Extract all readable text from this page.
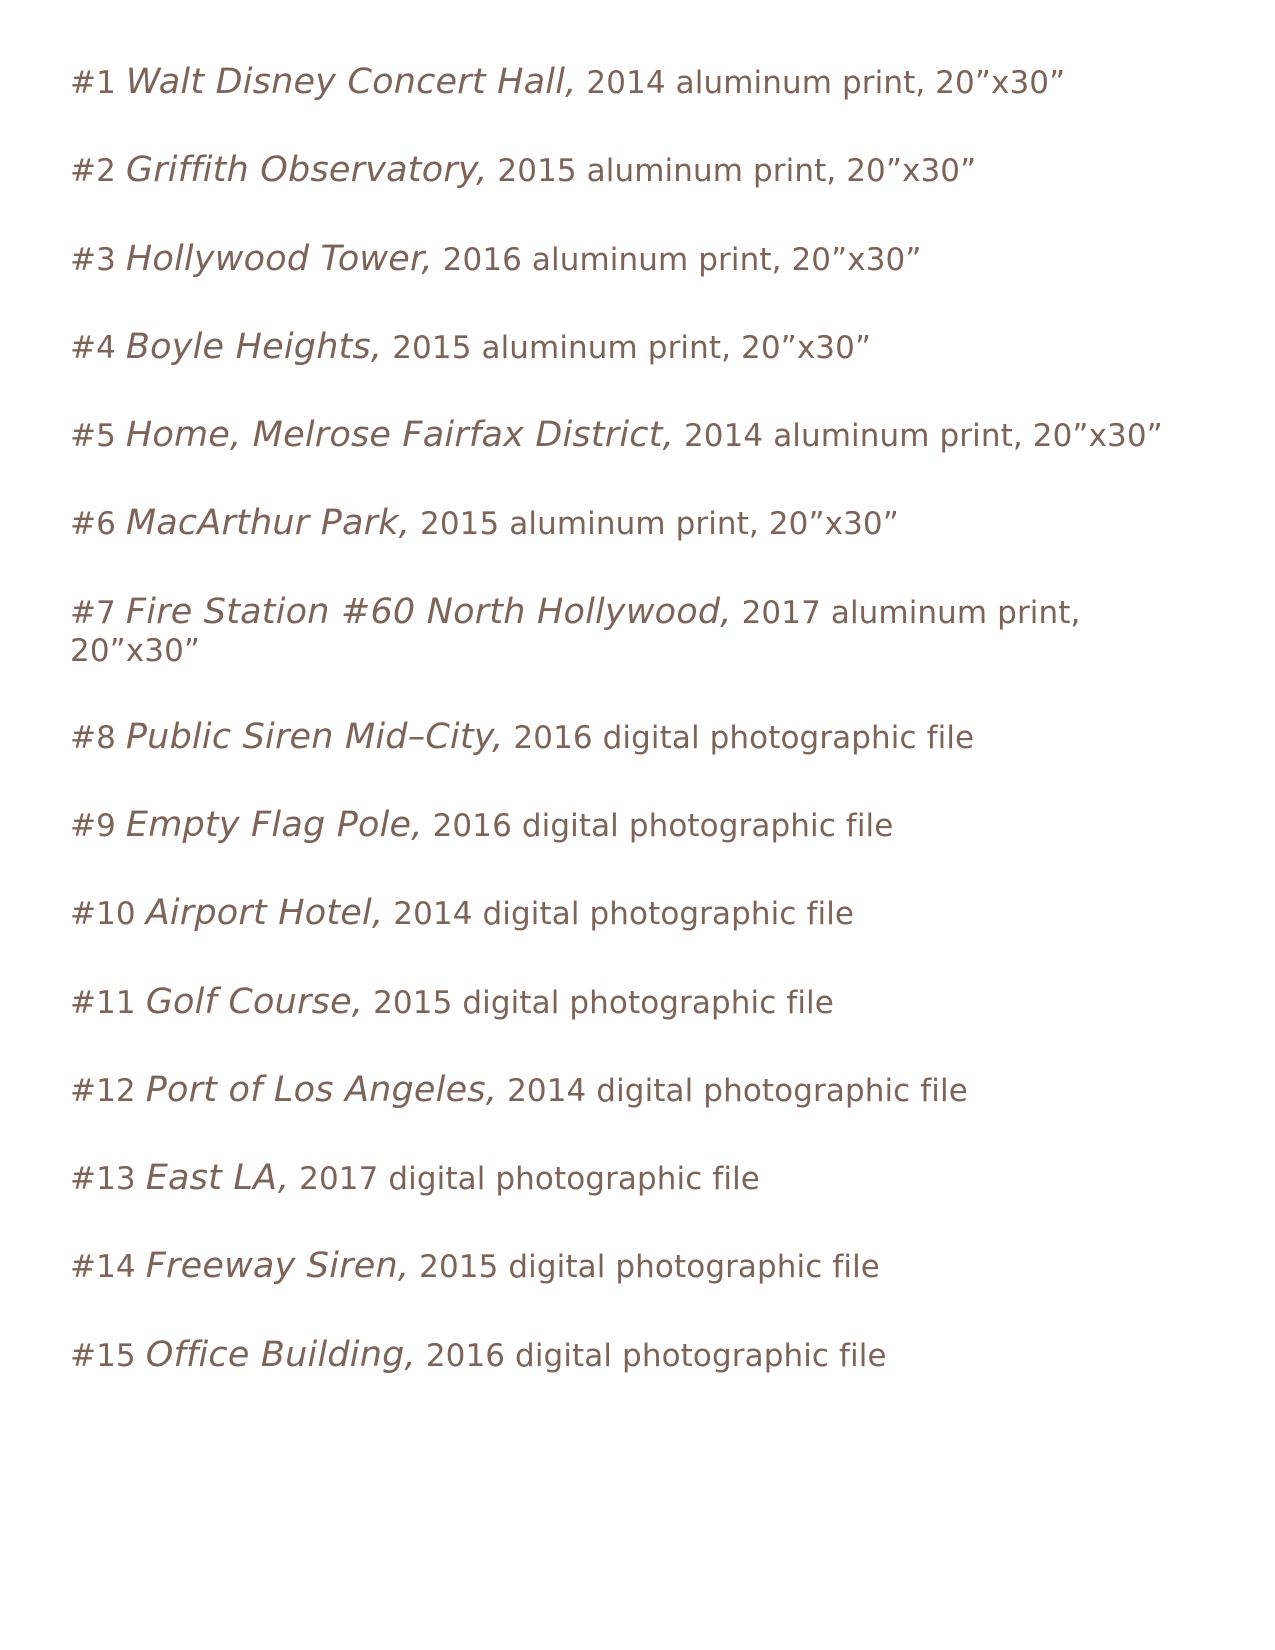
#1 Walt Disney Concert Hall, 2014 aluminum print, 20”x30”
#2 Griffith Observatory, 2015 aluminum print, 20”x30”
#3 Hollywood Tower, 2016 aluminum print, 20”x30”
#4 Boyle Heights, 2015 aluminum print, 20”x30”
#5 Home, Melrose Fairfax District, 2014 aluminum print, 20”x30”
#6 MacArthur Park, 2015 aluminum print, 20”x30”
#7 Fire Station #60 North Hollywood, 2017 aluminum print, 20”x30”
#8 Public Siren Mid–City, 2016 digital photographic file
#9 Empty Flag Pole, 2016 digital photographic file
#10 Airport Hotel, 2014 digital photographic file
#11 Golf Course, 2015 digital photographic file
#12 Port of Los Angeles, 2014 digital photographic file
#13 East LA, 2017 digital photographic file
#14 Freeway Siren, 2015 digital photographic file
#15 Office Building, 2016 digital photographic file
